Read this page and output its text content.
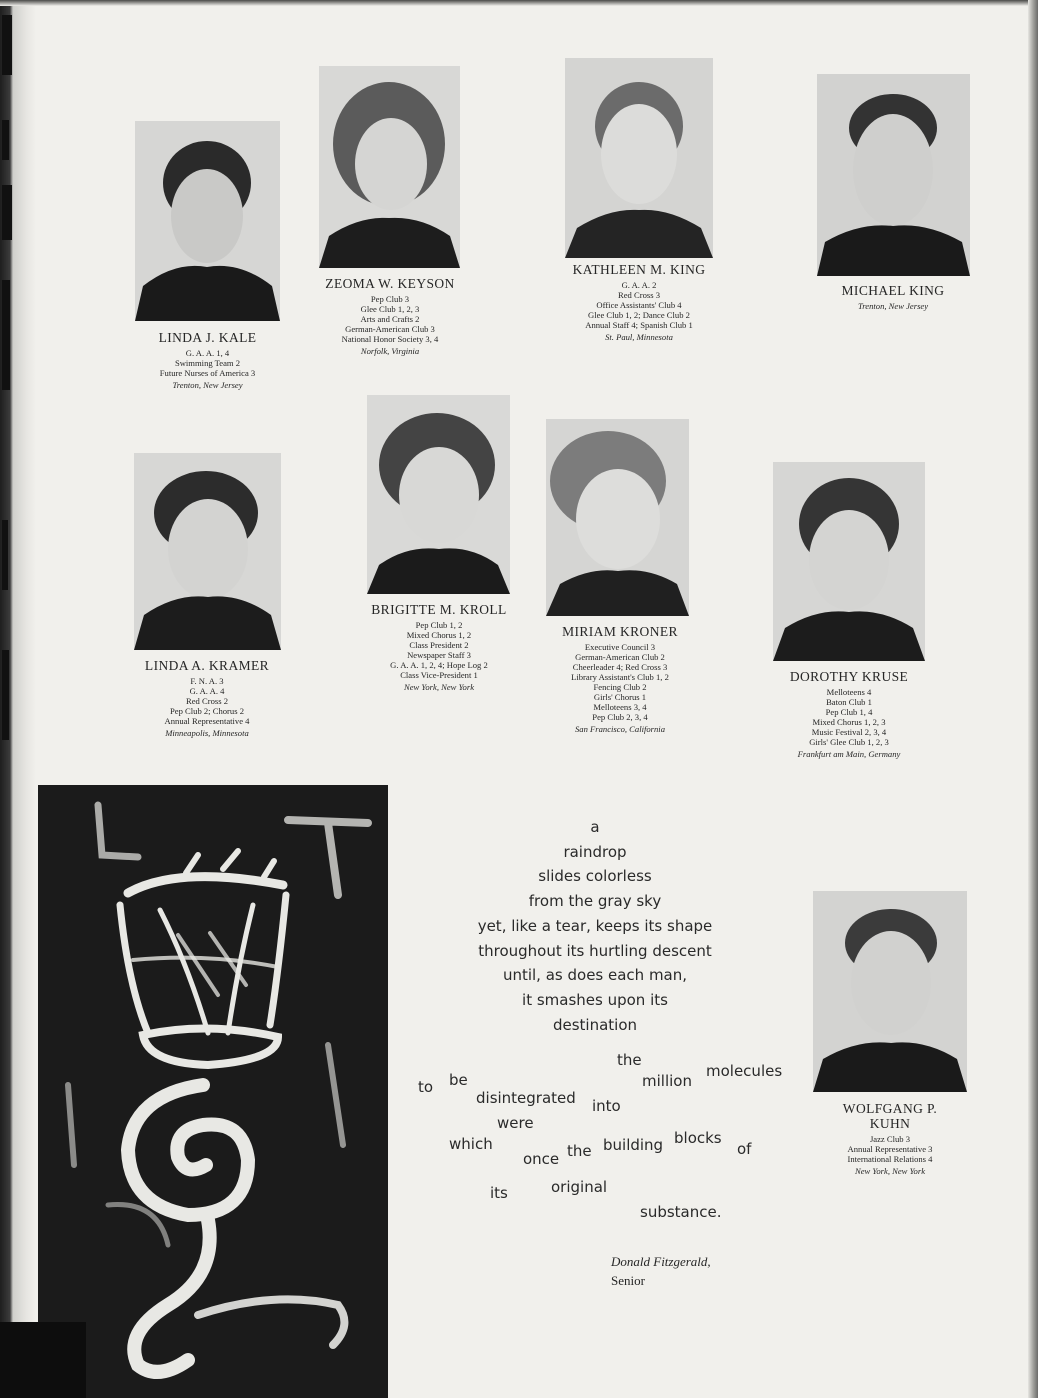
LINDA J. KALE
G. A. A. 1, 4
Swimming Team 2
Future Nurses of America 3
Trenton, New Jersey
ZEOMA W. KEYSON
Pep Club 3
Glee Club 1, 2, 3
Arts and Crafts 2
German-American Club 3
National Honor Society 3, 4
Norfolk, Virginia
KATHLEEN M. KING
G. A. A. 2
Red Cross 3
Office Assistants' Club 4
Glee Club 1, 2; Dance Club 2
Annual Staff 4; Spanish Club 1
St. Paul, Minnesota
MICHAEL KING
Trenton, New Jersey
LINDA A. KRAMER
F. N. A. 3
G. A. A. 4
Red Cross 2
Pep Club 2; Chorus 2
Annual Representative 4
Minneapolis, Minnesota
BRIGITTE M. KROLL
Pep Club 1, 2
Mixed Chorus 1, 2
Class President 2
Newspaper Staff 3
G. A. A. 1, 2, 4; Hope Log 2
Class Vice-President 1
New York, New York
MIRIAM KRONER
Executive Council 3
German-American Club 2
Cheerleader 4; Red Cross 3
Library Assistant's Club 1, 2
Fencing Club 2
Girls' Chorus 1
Melloteens 3, 4
Pep Club 2, 3, 4
San Francisco, California
DOROTHY KRUSE
Melloteens 4
Baton Club 1
Pep Club 1, 4
Mixed Chorus 1, 2, 3
Music Festival 2, 3, 4
Girls' Glee Club 1, 2, 3
Frankfurt am Main, Germany
WOLFGANG P.
KUHN
Jazz Club 3
Annual Representative 3
International Relations 4
New York, New York
a
raindrop
slides colorless
from the gray sky
yet, like a tear, keeps its shape
throughout its hurtling descent
until, as does each man,
it smashes upon its
destination
to be
disintegrated
were
which
once
the
million
molecules
into
the building blocks
of
its	original
substance.
Donald Fitzgerald,
Senior
